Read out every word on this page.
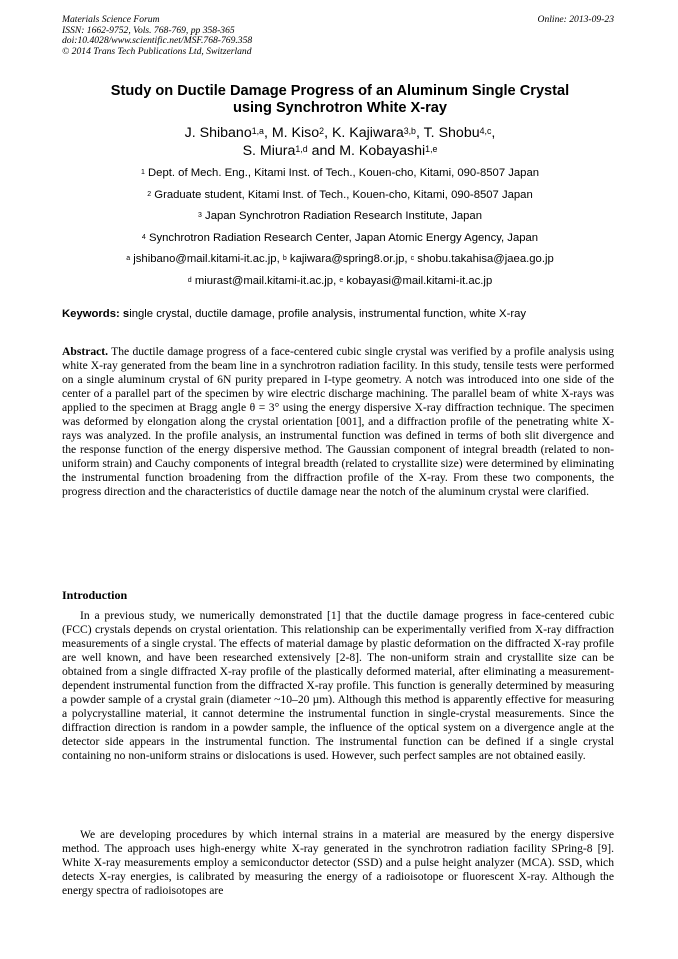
Materials Science Forum
ISSN: 1662-9752, Vols. 768-769, pp 358-365
doi:10.4028/www.scientific.net/MSF.768-769.358
© 2014 Trans Tech Publications Ltd, Switzerland
Online: 2013-09-23
Study on Ductile Damage Progress of an Aluminum Single Crystal
using Synchrotron White X-ray
J. Shibano$^{1,a}$, M. Kiso$^2$, K. Kajiwara$^{3,b}$, T. Shobu$^{4,c}$,
S. Miura$^{1,d}$ and M. Kobayashi$^{1,e}$
$^1$ Dept. of Mech. Eng., Kitami Inst. of Tech., Kouen-cho, Kitami, 090-8507 Japan
$^2$ Graduate student, Kitami Inst. of Tech., Kouen-cho, Kitami, 090-8507 Japan
$^3$ Japan Synchrotron Radiation Research Institute, Japan
$^4$ Synchrotron Radiation Research Center, Japan Atomic Energy Agency, Japan
$^a$ jshibano@mail.kitami-it.ac.jp, $^b$ kajiwara@spring8.or.jp, $^c$ shobu.takahisa@jaea.go.jp
$^d$ miurast@mail.kitami-it.ac.jp, $^e$ kobayasi@mail.kitami-it.ac.jp
Keywords: single crystal, ductile damage, profile analysis, instrumental function, white X-ray

Abstract. The ductile damage progress of a face-centered cubic single crystal was verified by a profile analysis using white X-ray generated from the beam line in a synchrotron radiation facility. In this study, tensile tests were performed on a single aluminum crystal of 6N purity prepared in I-type geometry. A notch was introduced into one side of the center of a parallel part of the specimen by wire electric discharge machining. The parallel beam of white X-rays was applied to the specimen at Bragg angle θ = 3° using the energy dispersive X-ray diffraction technique. The specimen was deformed by elongation along the crystal orientation [001], and a diffraction profile of the penetrating white X-rays was analyzed. In the profile analysis, an instrumental function was defined in terms of both slit divergence and the response function of the energy dispersive method. The Gaussian component of integral breadth (related to non-uniform strain) and Cauchy components of integral breadth (related to crystallite size) were determined by eliminating the instrumental function broadening from the diffraction profile of the X-ray. From these two components, the progress direction and the characteristics of ductile damage near the notch of the aluminum crystal were clarified.

Introduction

In a previous study, we numerically demonstrated [1] that the ductile damage progress in face-centered cubic (FCC) crystals depends on crystal orientation. This relationship can be experimentally verified from X-ray diffraction measurements of a single crystal. The effects of material damage by plastic deformation on the diffracted X-ray profile are well known, and have been researched extensively [2-8]. The non-uniform strain and crystallite size can be obtained from a single diffracted X-ray profile of the plastically deformed material, after eliminating a measurement-dependent instrumental function from the diffracted X-ray profile. This function is generally determined by measuring a powder sample of a crystal grain (diameter ~10–20 µm). Although this method is apparently effective for measuring a polycrystalline material, it cannot determine the instrumental function in single-crystal measurements. Since the diffraction direction is random in a powder sample, the influence of the optical system on a divergence angle at the detector side appears in the instrumental function. The instrumental function can be defined if a single crystal containing no non-uniform strains or dislocations is used. However, such perfect samples are not obtained easily.

We are developing procedures by which internal strains in a material are measured by the energy dispersive method. The approach uses high-energy white X-ray generated in the synchrotron radiation facility SPring-8 [9]. White X-ray measurements employ a semiconductor detector (SSD) and a pulse height analyzer (MCA). SSD, which detects X-ray energies, is calibrated by measuring the energy of a radioisotope or fluorescent X-ray. Although the energy spectra of radioisotopes are
